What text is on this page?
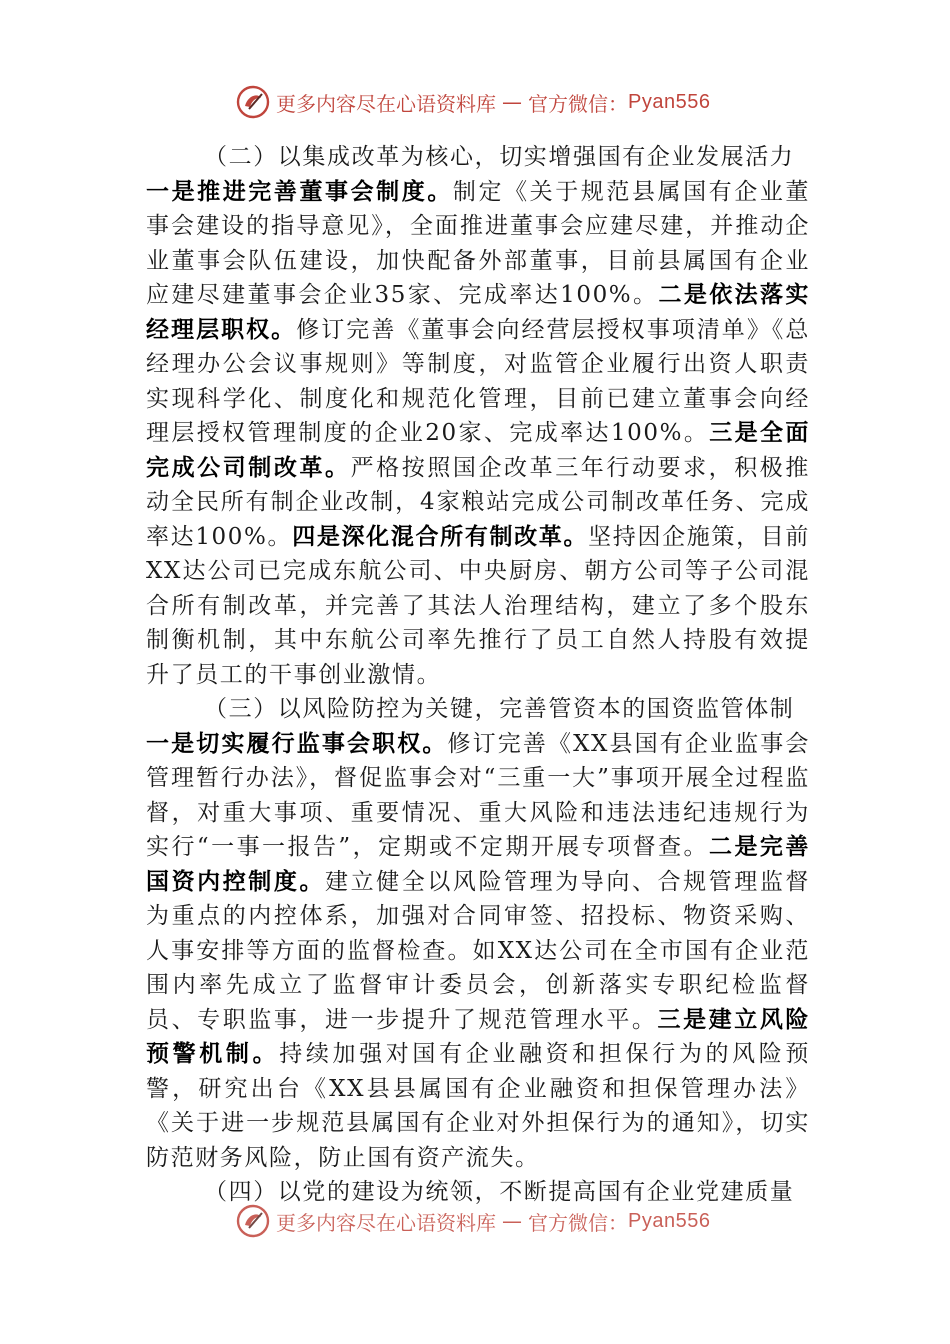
更多内容尽在心语资料库 — 官方微信： Pyan556

（二）以集成改革为核心，切实增强国有企业发展活力

一是推进完善董事会制度。制定《关于规范县属国有企业董事会建设的指导意见》，全面推进董事会应建尽建，并推动企业董事会队伍建设，加快配备外部董事，目前县属国有企业应建尽建董事会企业35家、完成率达100%。二是依法落实经理层职权。修订完善《董事会向经营层授权事项清单》《总经理办公会议事规则》等制度，对监管企业履行出资人职责实现科学化、制度化和规范化管理，目前已建立董事会向经理层授权管理制度的企业20家、完成率达100%。三是全面完成公司制改革。严格按照国企改革三年行动要求，积极推动全民所有制企业改制，4家粮站完成公司制改革任务、完成率达100%。四是深化混合所有制改革。坚持因企施策，目前XX达公司已完成东航公司、中央厨房、朝方公司等子公司混合所有制改革，并完善了其法人治理结构，建立了多个股东制衡机制，其中东航公司率先推行了员工自然人持股有效提升了员工的干事创业激情。

（三）以风险防控为关键，完善管资本的国资监管体制

一是切实履行监事会职权。修订完善《XX县国有企业监事会管理暂行办法》，督促监事会对“三重一大”事项开展全过程监督，对重大事项、重要情况、重大风险和违法违纪违规行为实行“一事一报告”，定期或不定期开展专项督查。二是完善国资内控制度。建立健全以风险管理为导向、合规管理监督为重点的内控体系，加强对合同审签、招投标、物资采购、人事安排等方面的监督检查。如XX达公司在全市国有企业范围内率先成立了监督审计委员会，创新落实专职纪检监督员、专职监事，进一步提升了规范管理水平。三是建立风险预警机制。持续加强对国有企业融资和担保行为的风险预警，研究出台《XX县县属国有企业融资和担保管理办法》《关于进一步规范县属国有企业对外担保行为的通知》，切实防范财务风险，防止国有资产流失。

（四）以党的建设为统领，不断提高国有企业党建质量

更多内容尽在心语资料库 — 官方微信： Pyan556
